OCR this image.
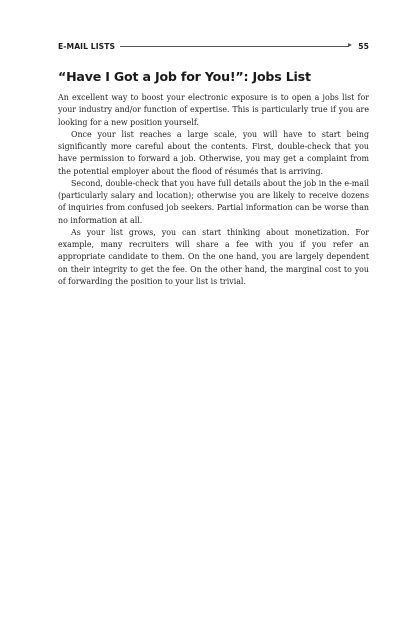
E-MAIL LISTS	55
“Have I Got a Job for You!”: Jobs List

An excellent way to boost your electronic exposure is to open a jobs list for your industry and/or function of expertise. This is particularly true if you are looking for a new position yourself.

Once your list reaches a large scale, you will have to start being significantly more careful about the contents. First, double-check that you have permission to forward a job. Otherwise, you may get a complaint from the potential employer about the flood of résumés that is arriving.

Second, double-check that you have full details about the job in the e-mail (particularly salary and location); otherwise you are likely to receive dozens of inquiries from confused job seekers. Partial information can be worse than no information at all.

As your list grows, you can start thinking about monetization. For example, many recruiters will share a fee with you if you refer an appropriate candidate to them. On the one hand, you are largely dependent on their integrity to get the fee. On the other hand, the marginal cost to you of forwarding the position to your list is trivial.
